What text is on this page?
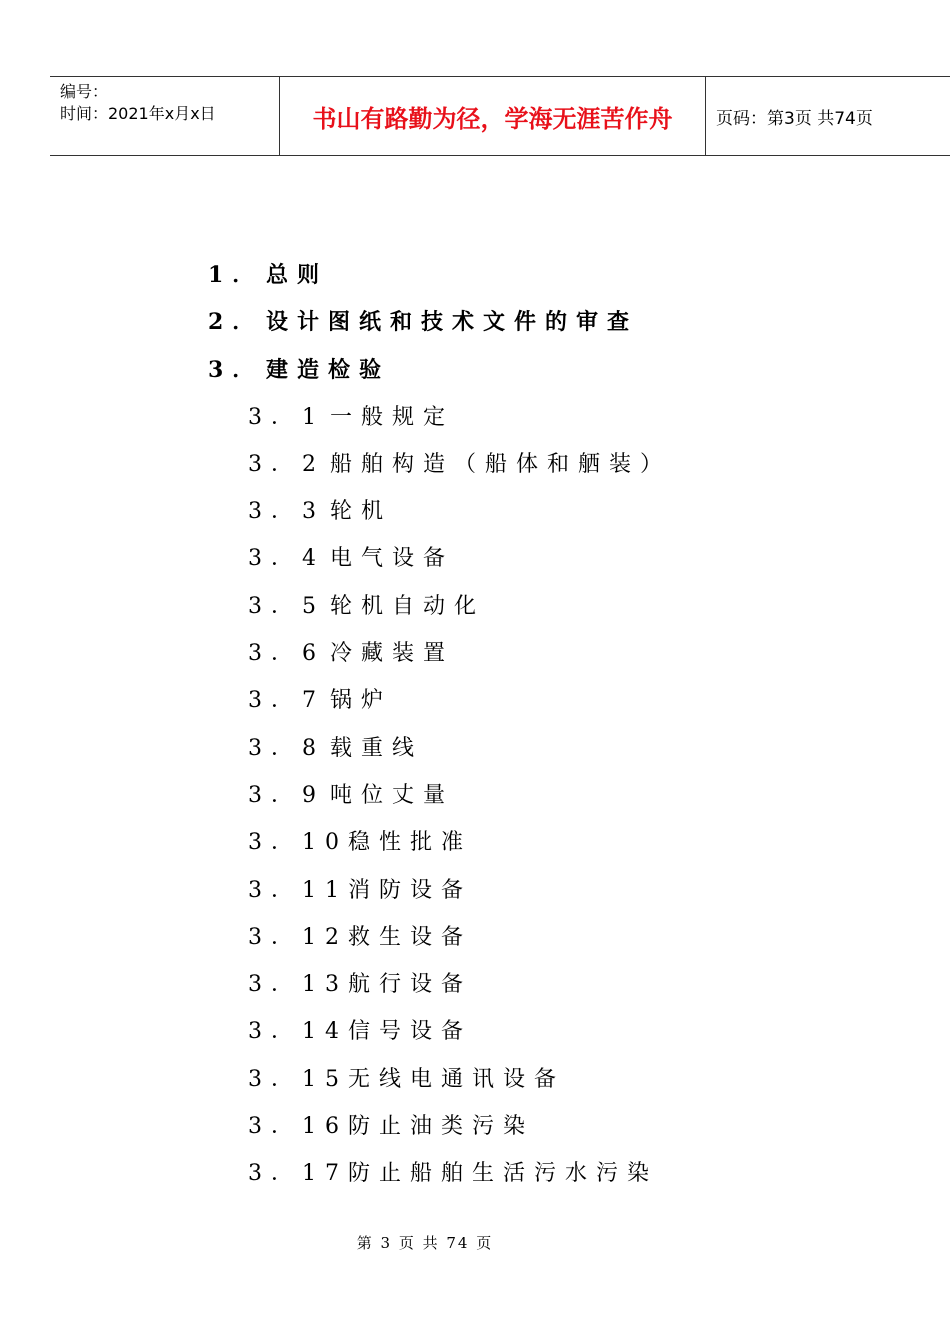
编号：
时间：2021年x月x日	书山有路勤为径，学海无涯苦作舟	页码：第3页 共74页
1． 总则
2． 设计图纸和技术文件的审查
3． 建造检验
3．1 一般规定
3．2 船舶构造（船体和舾装）
3．3 轮机
3．4 电气设备
3．5 轮机自动化
3．6 冷藏装置
3．7 锅炉
3．8 载重线
3．9 吨位丈量
3．10稳性批准
3．11消防设备
3．12救生设备
3．13航行设备
3．14信号设备
3．15无线电通讯设备
3．16防止油类污染
3．17防止船舶生活污水污染
第 3 页 共 74 页
